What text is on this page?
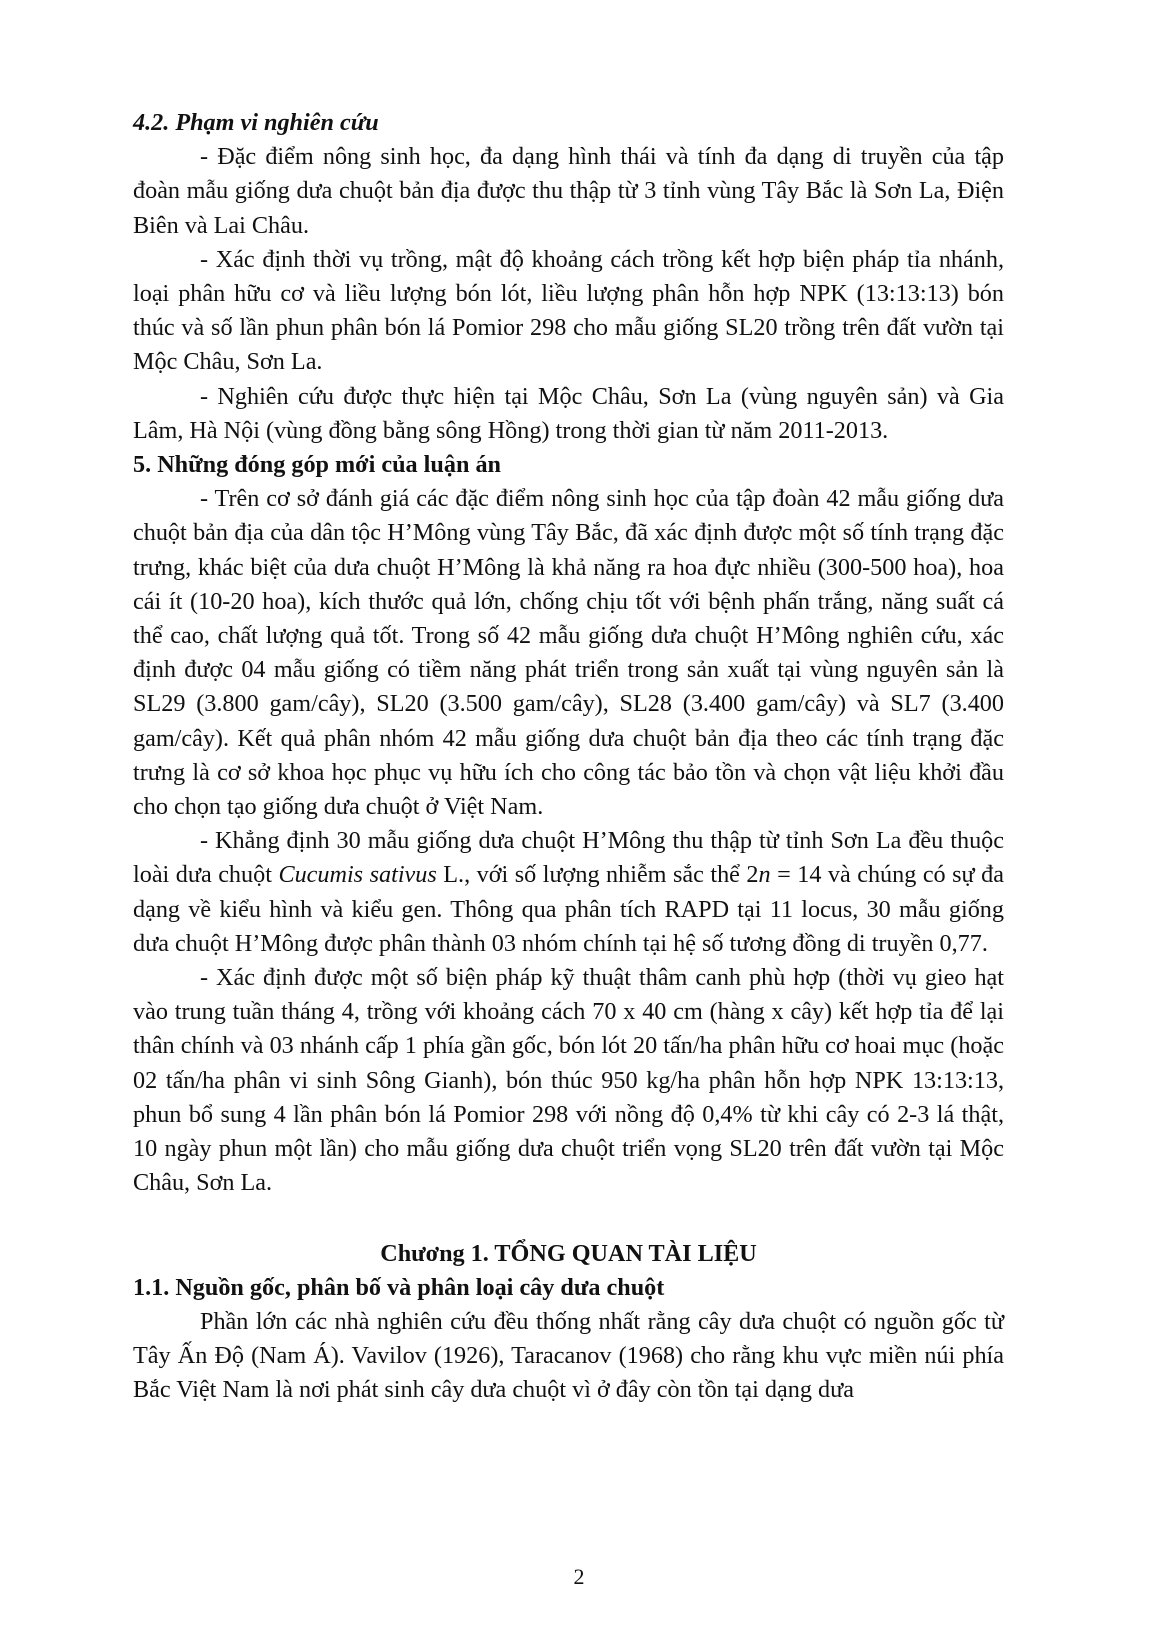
4.2. Phạm vi nghiên cứu

- Đặc điểm nông sinh học, đa dạng hình thái và tính đa dạng di truyền của tập đoàn mẫu giống dưa chuột bản địa được thu thập từ 3 tỉnh vùng Tây Bắc là Sơn La, Điện Biên và Lai Châu.

- Xác định thời vụ trồng, mật độ khoảng cách trồng kết hợp biện pháp tỉa nhánh, loại phân hữu cơ và liều lượng bón lót, liều lượng phân hỗn hợp NPK (13:13:13) bón thúc và số lần phun phân bón lá Pomior 298 cho mẫu giống SL20 trồng trên đất vườn tại Mộc Châu, Sơn La.

- Nghiên cứu được thực hiện tại Mộc Châu, Sơn La (vùng nguyên sản) và Gia Lâm, Hà Nội (vùng đồng bằng sông Hồng) trong thời gian từ năm 2011-2013.

5. Những đóng góp mới của luận án

- Trên cơ sở đánh giá các đặc điểm nông sinh học của tập đoàn 42 mẫu giống dưa chuột bản địa của dân tộc H’Mông vùng Tây Bắc, đã xác định được một số tính trạng đặc trưng, khác biệt của dưa chuột H’Mông là khả năng ra hoa đực nhiều (300-500 hoa), hoa cái ít (10-20 hoa), kích thước quả lớn, chống chịu tốt với bệnh phấn trắng, năng suất cá thể cao, chất lượng quả tốt. Trong số 42 mẫu giống dưa chuột H’Mông nghiên cứu, xác định được 04 mẫu giống có tiềm năng phát triển trong sản xuất tại vùng nguyên sản là SL29 (3.800 gam/cây), SL20 (3.500 gam/cây), SL28 (3.400 gam/cây) và SL7 (3.400 gam/cây). Kết quả phân nhóm 42 mẫu giống dưa chuột bản địa theo các tính trạng đặc trưng là cơ sở khoa học phục vụ hữu ích cho công tác bảo tồn và chọn vật liệu khởi đầu cho chọn tạo giống dưa chuột ở Việt Nam.

- Khẳng định 30 mẫu giống dưa chuột H’Mông thu thập từ tỉnh Sơn La đều thuộc loài dưa chuột Cucumis sativus L., với số lượng nhiễm sắc thể 2n = 14 và chúng có sự đa dạng về kiểu hình và kiểu gen. Thông qua phân tích RAPD tại 11 locus, 30 mẫu giống dưa chuột H’Mông được phân thành 03 nhóm chính tại hệ số tương đồng di truyền 0,77.

- Xác định được một số biện pháp kỹ thuật thâm canh phù hợp (thời vụ gieo hạt vào trung tuần tháng 4, trồng với khoảng cách 70 x 40 cm (hàng x cây) kết hợp tỉa để lại thân chính và 03 nhánh cấp 1 phía gần gốc, bón lót 20 tấn/ha phân hữu cơ hoai mục (hoặc 02 tấn/ha phân vi sinh Sông Gianh), bón thúc 950 kg/ha phân hỗn hợp NPK 13:13:13, phun bổ sung 4 lần phân bón lá Pomior 298 với nồng độ 0,4% từ khi cây có 2-3 lá thật, 10 ngày phun một lần) cho mẫu giống dưa chuột triển vọng SL20 trên đất vườn tại Mộc Châu, Sơn La.

Chương 1. TỔNG QUAN TÀI LIỆU

1.1. Nguồn gốc, phân bố và phân loại cây dưa chuột

Phần lớn các nhà nghiên cứu đều thống nhất rằng cây dưa chuột có nguồn gốc từ Tây Ấn Độ (Nam Á). Vavilov (1926), Taracanov (1968) cho rằng khu vực miền núi phía Bắc Việt Nam là nơi phát sinh cây dưa chuột vì ở đây còn tồn tại dạng dưa

2
